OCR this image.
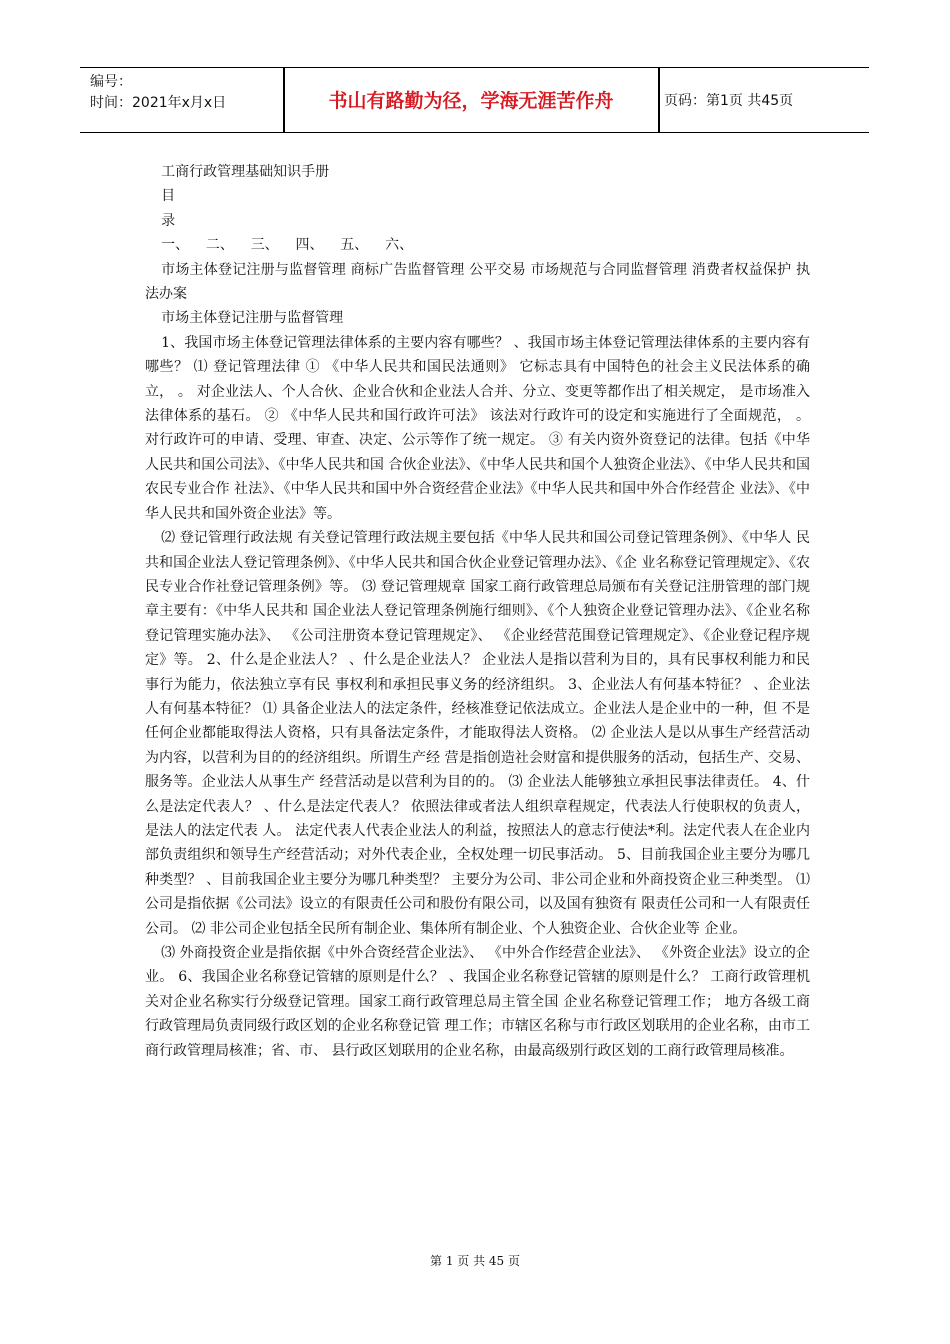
编号：
时间：2021年x月x日	书山有路勤为径，学海无涯苦作舟	页码：第1页 共45页

工商行政管理基础知识手册

目

录

一、 二、 三、 四、 五、 六、

市场主体登记注册与监督管理 商标广告监督管理 公平交易 市场规范与合同监督管理 消费者权益保护 执法办案

市场主体登记注册与监督管理

1、我国市场主体登记管理法律体系的主要内容有哪些？ 、我国市场主体登记管理法律体系的主要内容有哪些？ ⑴ 登记管理法律 ① 《中华人民共和国民法通则》 它标志具有中国特色的社会主义民法体系的确立， 。 对企业法人、个人合伙、企业合伙和企业法人合并、分立、变更等都作出了相关规定， 是市场准入法律体系的基石。 ② 《中华人民共和国行政许可法》 该法对行政许可的设定和实施进行了全面规范， 。 对行政许可的申请、受理、审查、决定、公示等作了统一规定。 ③ 有关内资外资登记的法律。包括《中华人民共和国公司法》、《中华人民共和国 合伙企业法》、《中华人民共和国个人独资企业法》、《中华人民共和国农民专业合作 社法》、《中华人民共和国中外合资经营企业法》《中华人民共和国中外合作经营企 业法》、《中华人民共和国外资企业法》等。

⑵ 登记管理行政法规 有关登记管理行政法规主要包括《中华人民共和国公司登记管理条例》、《中华人 民共和国企业法人登记管理条例》、《中华人民共和国合伙企业登记管理办法》、《企 业名称登记管理规定》、《农民专业合作社登记管理条例》等。 ⑶ 登记管理规章 国家工商行政管理总局颁布有关登记注册管理的部门规章主要有：《中华人民共和 国企业法人登记管理条例施行细则》、《个人独资企业登记管理办法》、《企业名称登记管理实施办法》、 《公司注册资本登记管理规定》、 《企业经营范围登记管理规定》、《企业登记程序规定》等。 2、什么是企业法人？ 、什么是企业法人？ 企业法人是指以营利为目的，具有民事权利能力和民事行为能力，依法独立享有民 事权利和承担民事义务的经济组织。 3、企业法人有何基本特征？ 、企业法人有何基本特征？ ⑴ 具备企业法人的法定条件，经核准登记依法成立。企业法人是企业中的一种，但 不是任何企业都能取得法人资格，只有具备法定条件，才能取得法人资格。 ⑵ 企业法人是以从事生产经营活动为内容，以营利为目的的经济组织。所谓生产经 营是指创造社会财富和提供服务的活动，包括生产、交易、服务等。企业法人从事生产 经营活动是以营利为目的的。 ⑶ 企业法人能够独立承担民事法律责任。 4、什么是法定代表人？ 、什么是法定代表人？ 依照法律或者法人组织章程规定，代表法人行使职权的负责人，是法人的法定代表 人。 法定代表人代表企业法人的利益，按照法人的意志行使法*利。法定代表人在企业内 部负责组织和领导生产经营活动；对外代表企业，全权处理一切民事活动。 5、目前我国企业主要分为哪几种类型？ 、目前我国企业主要分为哪几种类型？ 主要分为公司、非公司企业和外商投资企业三种类型。 ⑴ 公司是指依据《公司法》设立的有限责任公司和股份有限公司，以及国有独资有 限责任公司和一人有限责任公司。 ⑵ 非公司企业包括全民所有制企业、集体所有制企业、个人独资企业、合伙企业等 企业。

⑶ 外商投资企业是指依据《中外合资经营企业法》、 《中外合作经营企业法》、 《外资企业法》设立的企业。 6、我国企业名称登记管辖的原则是什么？ 、我国企业名称登记管辖的原则是什么？ 工商行政管理机关对企业名称实行分级登记管理。国家工商行政管理总局主管全国 企业名称登记管理工作； 地方各级工商行政管理局负责同级行政区划的企业名称登记管 理工作；市辖区名称与市行政区划联用的企业名称，由市工商行政管理局核准；省、市、 县行政区划联用的企业名称，由最高级别行政区划的工商行政管理局核准。

第 1 页 共 45 页
